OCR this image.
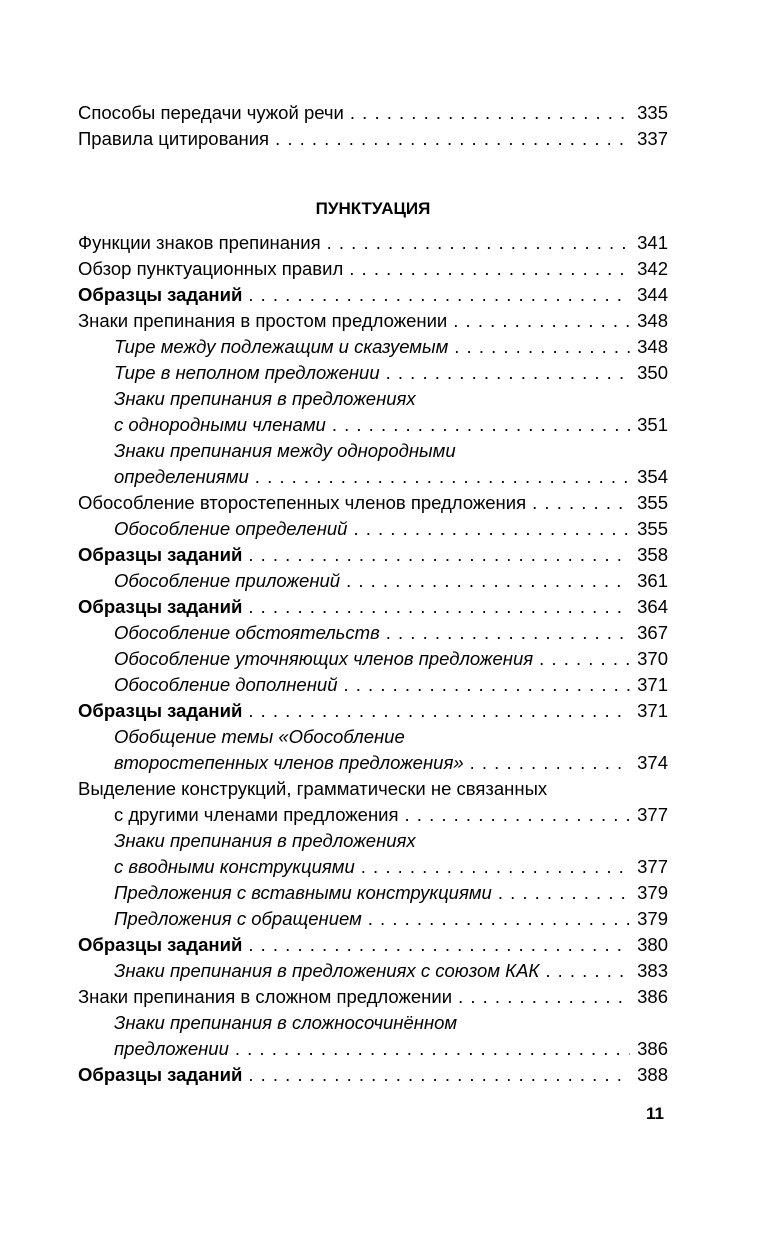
Способы передачи чужой речи . . .	335
Правила цитирования . . .	337
ПУНКТУАЦИЯ
Функции знаков препинания . . .	341
Обзор пунктуационных правил . . .	342
Образцы заданий . . .	344
Знаки препинания в простом предложении . . .	348
Тире между подлежащим и сказуемым . . .	348
Тире в неполном предложении . . .	350
Знаки препинания в предложениях
с однородными членами . . .	351
Знаки препинания между однородными
определениями . . .	354
Обособление второстепенных членов предложения . . .	355
Обособление определений . . .	355
Образцы заданий . . .	358
Обособление приложений . . .	361
Образцы заданий . . .	364
Обособление обстоятельств . . .	367
Обособление уточняющих членов предложения . . .	370
Обособление дополнений . . .	371
Образцы заданий . . .	371
Обобщение темы «Обособление
второстепенных членов предложения» . . .	374
Выделение конструкций, грамматически не связанных
с другими членами предложения . . .	377
Знаки препинания в предложениях
с вводными конструкциями . . .	377
Предложения с вставными конструкциями . . .	379
Предложения с обращением . . .	379
Образцы заданий . . .	380
Знаки препинания в предложениях с союзом КАК . . .	383
Знаки препинания в сложном предложении . . .	386
Знаки препинания в сложносочинённом
предложении . . .	386
Образцы заданий . . .	388
11
